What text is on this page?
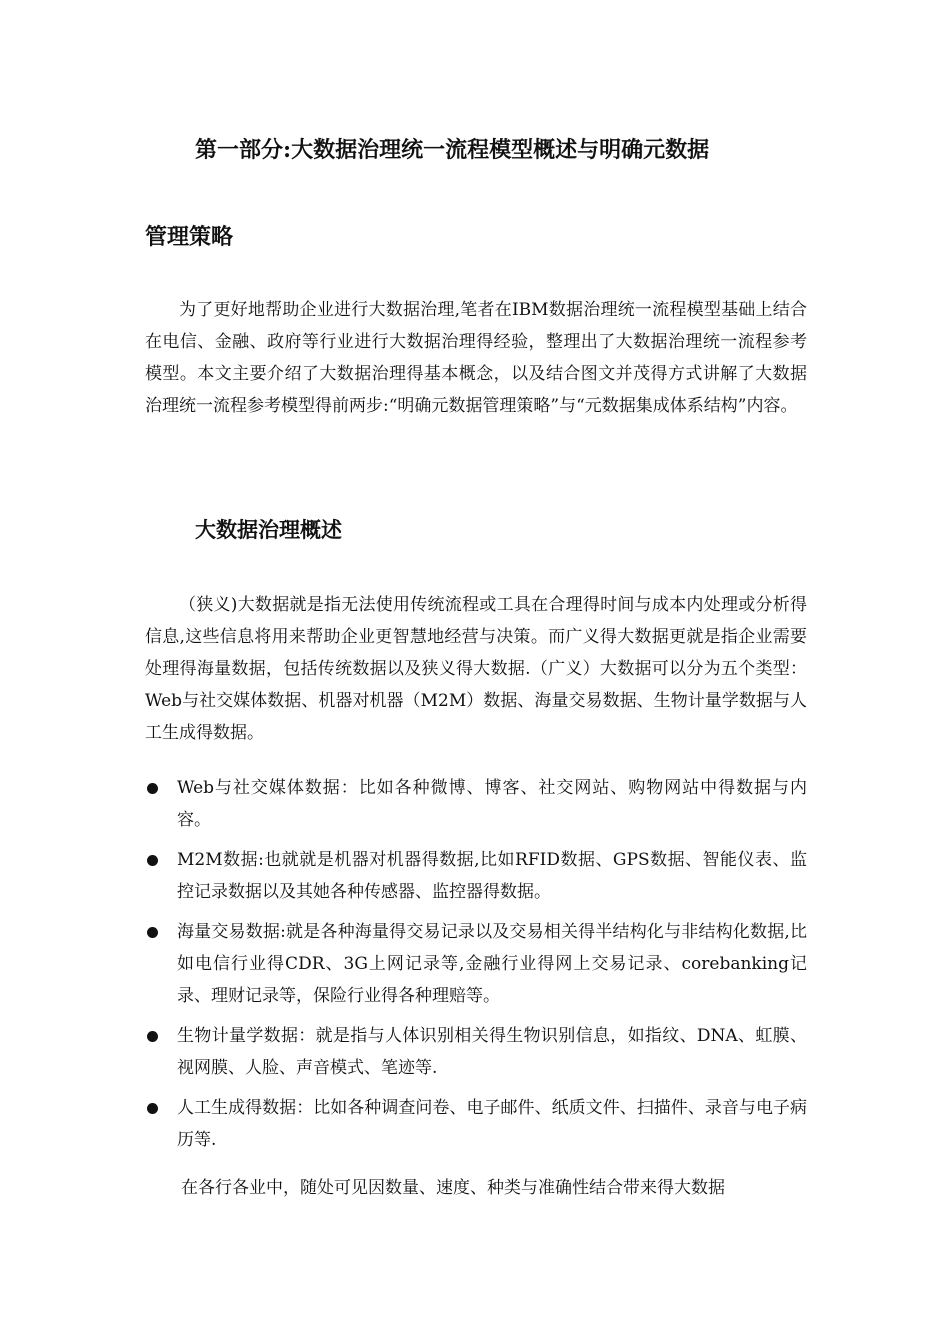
第一部分:大数据治理统一流程模型概述与明确元数据
管理策略
为了更好地帮助企业进行大数据治理,笔者在IBM数据治理统一流程模型基础上结合在电信、金融、政府等行业进行大数据治理得经验，整理出了大数据治理统一流程参考模型。本文主要介绍了大数据治理得基本概念，以及结合图文并茂得方式讲解了大数据治理统一流程参考模型得前两步:“明确元数据管理策略”与“元数据集成体系结构”内容。
大数据治理概述
（狭义)大数据就是指无法使用传统流程或工具在合理得时间与成本内处理或分析得信息,这些信息将用来帮助企业更智慧地经营与决策。而广义得大数据更就是指企业需要处理得海量数据，包括传统数据以及狭义得大数据.（广义）大数据可以分为五个类型：Web与社交媒体数据、机器对机器（M2M）数据、海量交易数据、生物计量学数据与人工生成得数据。
Web与社交媒体数据：比如各种微博、博客、社交网站、购物网站中得数据与内容。
M2M数据:也就就是机器对机器得数据,比如RFID数据、GPS数据、智能仪表、监控记录数据以及其她各种传感器、监控器得数据。
海量交易数据:就是各种海量得交易记录以及交易相关得半结构化与非结构化数据,比如电信行业得CDR、3G上网记录等,金融行业得网上交易记录、corebanking记录、理财记录等，保险行业得各种理赔等。
生物计量学数据：就是指与人体识别相关得生物识别信息，如指纹、DNA、虹膜、视网膜、人脸、声音模式、笔迹等.
人工生成得数据：比如各种调查问卷、电子邮件、纸质文件、扫描件、录音与电子病历等.
在各行各业中，随处可见因数量、速度、种类与准确性结合带来得大数据
